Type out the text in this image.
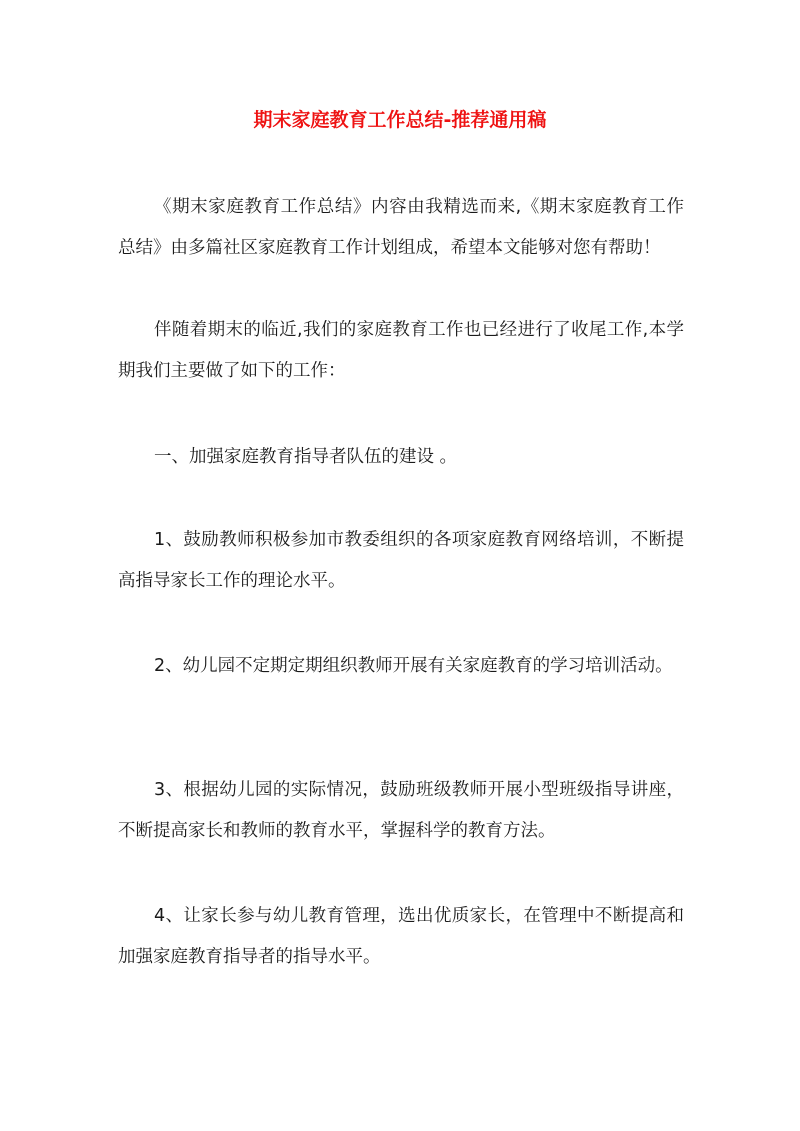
期末家庭教育工作总结-推荐通用稿

《期末家庭教育工作总结》内容由我精选而来,《期末家庭教育工作总结》由多篇社区家庭教育工作计划组成，希望本文能够对您有帮助！

伴随着期末的临近,我们的家庭教育工作也已经进行了收尾工作,本学期我们主要做了如下的工作：

一、加强家庭教育指导者队伍的建设 。

1、鼓励教师积极参加市教委组织的各项家庭教育网络培训，不断提高指导家长工作的理论水平。

2、幼儿园不定期定期组织教师开展有关家庭教育的学习培训活动。

3、根据幼儿园的实际情况，鼓励班级教师开展小型班级指导讲座，不断提高家长和教师的教育水平，掌握科学的教育方法。

4、让家长参与幼儿教育管理，选出优质家长，在管理中不断提高和加强家庭教育指导者的指导水平。
